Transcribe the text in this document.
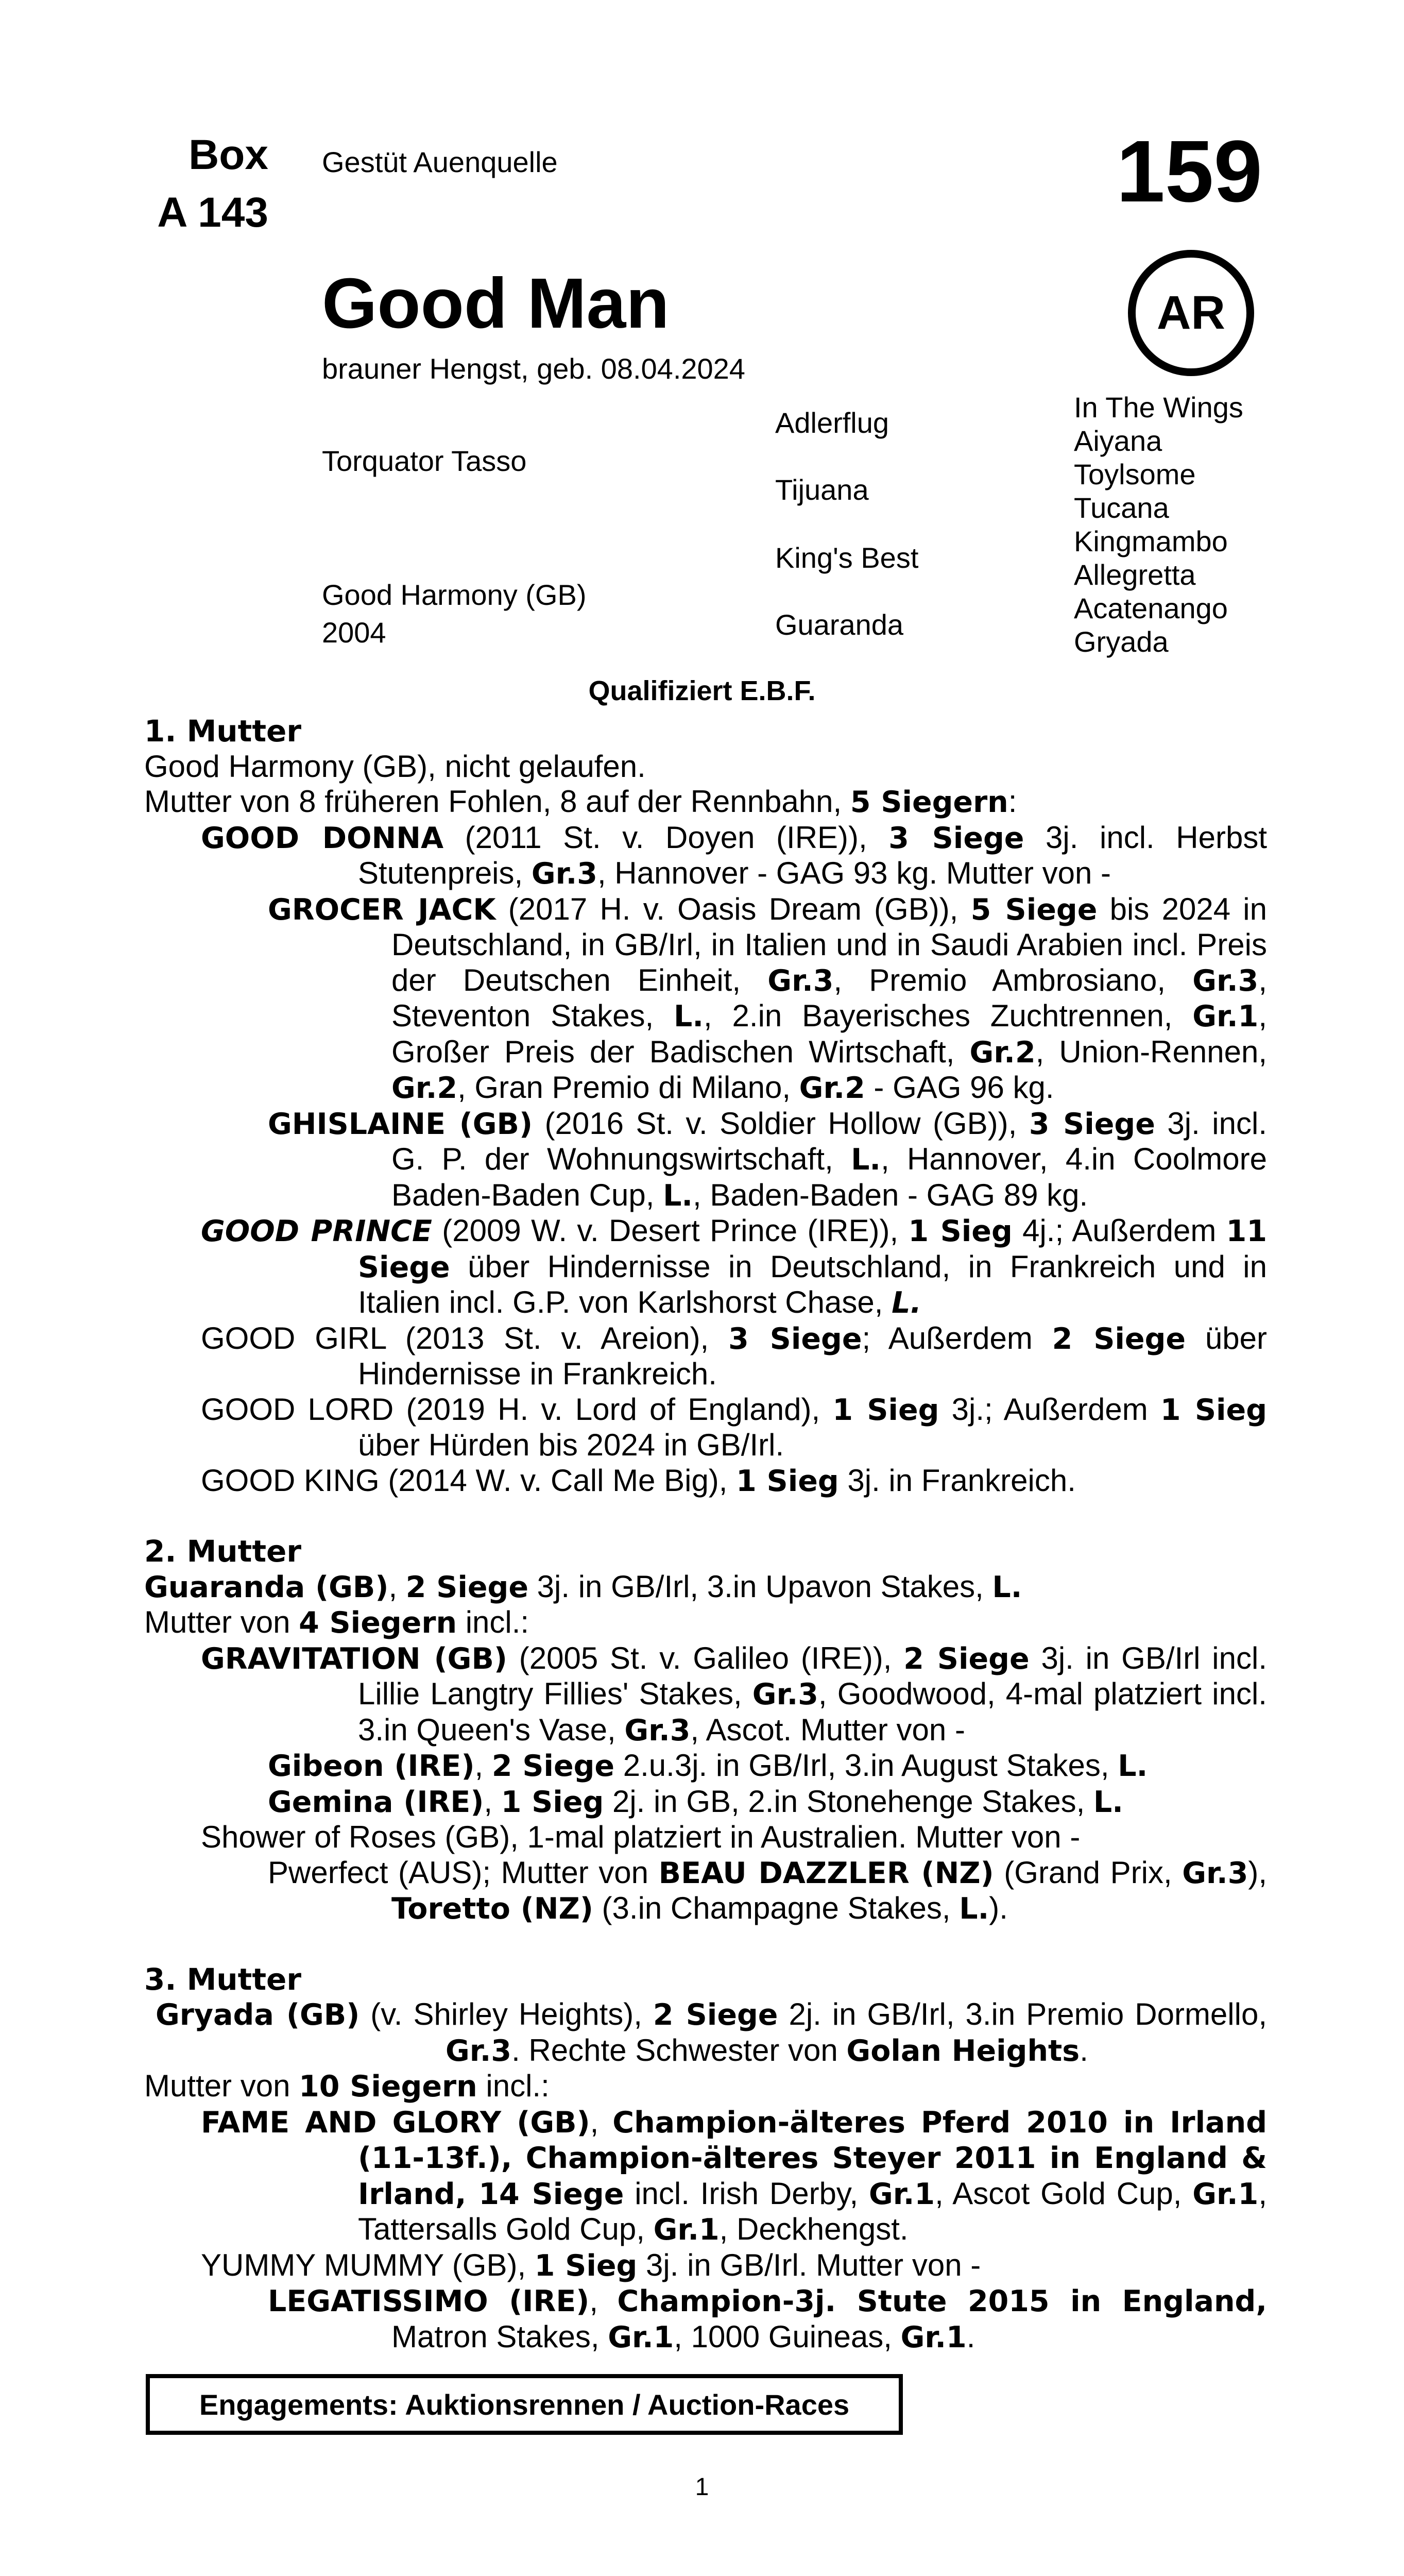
Box
A 143
Gestüt Auenquelle	159
AR
Good Man
brauner Hengst, geb. 08.04.2024
Torquator Tasso
Good Harmony (GB)
2004
Adlerflug
Tijuana
King's Best
Guaranda
In The Wings
Aiyana
Toylsome
Tucana
Kingmambo
Allegretta
Acatenango
Gryada
Qualifiziert E.B.F.

1. Mutter

Good Harmony (GB), nicht gelaufen.

Mutter von 8 früheren Fohlen, 8 auf der Rennbahn, 5 Siegern:

GOOD DONNA (2011 St. v. Doyen (IRE)), 3 Siege 3j. incl. Herbst Stutenpreis, Gr.3, Hannover - GAG 93 kg. Mutter von -

GROCER JACK (2017 H. v. Oasis Dream (GB)), 5 Siege bis 2024 in Deutschland, in GB/Irl, in Italien und in Saudi Arabien incl. Preis der Deutschen Einheit, Gr.3, Premio Ambrosiano, Gr.3, Steventon Stakes, L., 2.in Bayerisches Zuchtrennen, Gr.1, Großer Preis der Badischen Wirtschaft, Gr.2, Union-Rennen, Gr.2, Gran Premio di Milano, Gr.2 - GAG 96 kg.

GHISLAINE (GB) (2016 St. v. Soldier Hollow (GB)), 3 Siege 3j. incl. G. P. der Wohnungswirtschaft, L., Hannover, 4.in Coolmore Baden-Baden Cup, L., Baden-Baden - GAG 89 kg.

GOOD PRINCE (2009 W. v. Desert Prince (IRE)), 1 Sieg 4j.; Außerdem 11 Siege über Hindernisse in Deutschland, in Frankreich und in Italien incl. G.P. von Karlshorst Chase, L.

GOOD GIRL (2013 St. v. Areion), 3 Siege; Außerdem 2 Siege über Hindernisse in Frankreich.

GOOD LORD (2019 H. v. Lord of England), 1 Sieg 3j.; Außerdem 1 Sieg über Hürden bis 2024 in GB/Irl.

GOOD KING (2014 W. v. Call Me Big), 1 Sieg 3j. in Frankreich.

2. Mutter

Guaranda (GB), 2 Siege 3j. in GB/Irl, 3.in Upavon Stakes, L.

Mutter von 4 Siegern incl.:

GRAVITATION (GB) (2005 St. v. Galileo (IRE)), 2 Siege 3j. in GB/Irl incl. Lillie Langtry Fillies' Stakes, Gr.3, Goodwood, 4-mal platziert incl. 3.in Queen's Vase, Gr.3, Ascot. Mutter von -

Gibeon (IRE), 2 Siege 2.u.3j. in GB/Irl, 3.in August Stakes, L.

Gemina (IRE), 1 Sieg 2j. in GB, 2.in Stonehenge Stakes, L.

Shower of Roses (GB), 1-mal platziert in Australien. Mutter von -

Pwerfect (AUS); Mutter von BEAU DAZZLER (NZ) (Grand Prix, Gr.3), Toretto (NZ) (3.in Champagne Stakes, L.).

3. Mutter

Gryada (GB) (v. Shirley Heights), 2 Siege 2j. in GB/Irl, 3.in Premio Dormello, Gr.3. Rechte Schwester von Golan Heights.

Mutter von 10 Siegern incl.:

FAME AND GLORY (GB), Champion-älteres Pferd 2010 in Irland (11-13f.), Champion-älteres Steyer 2011 in England & Irland, 14 Siege incl. Irish Derby, Gr.1, Ascot Gold Cup, Gr.1, Tattersalls Gold Cup, Gr.1, Deckhengst.

YUMMY MUMMY (GB), 1 Sieg 3j. in GB/Irl. Mutter von -

LEGATISSIMO (IRE), Champion-3j. Stute 2015 in England, Matron Stakes, Gr.1, 1000 Guineas, Gr.1.

Engagements: Auktionsrennen / Auction-Races
1
